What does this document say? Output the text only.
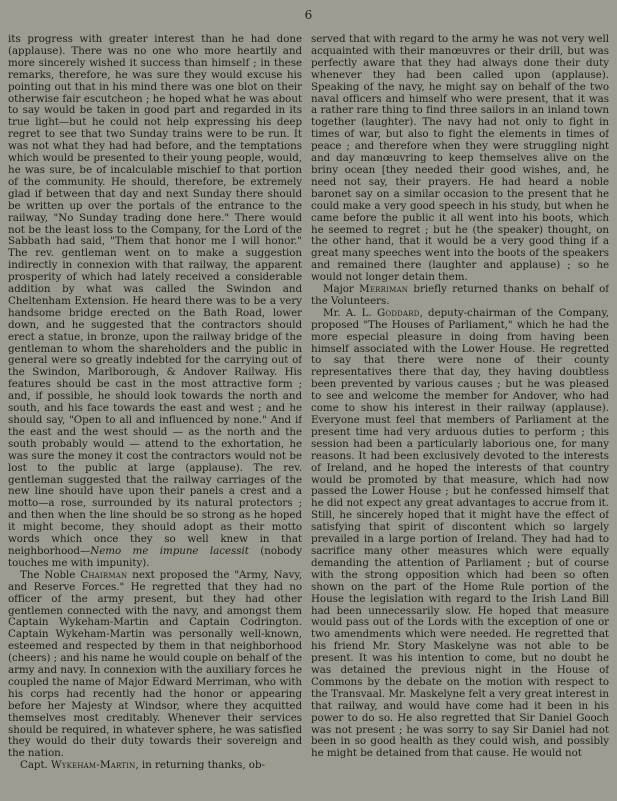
6

its progress with greater interest than he had done (applause). There was no one who more heartily and more sincerely wished it success than himself ; in these remarks, therefore, he was sure they would excuse his pointing out that in his mind there was one blot on their otherwise fair escutcheon ; he hoped what he was about to say would be taken in good part and regarded in its true light—but he could not help expressing his deep regret to see that two Sunday trains were to be run. It was not what they had had before, and the temptations which would be presented to their young people, would, he was sure, be of incalculable mischief to that portion of the community. He should, therefore, be extremely glad if between that day and next Sunday there should be written up over the portals of the entrance to the railway, "No Sunday trading done here." There would not be the least loss to the Company, for the Lord of the Sabbath had said, "Them that honor me I will honor." The rev. gentleman went on to make a suggestion indirectly in connexion with that railway, the apparent prosperity of which had lately received a considerable addition by what was called the Swindon and Cheltenham Extension. He heard there was to be a very handsome bridge erected on the Bath Road, lower down, and he suggested that the contractors should erect a statue, in bronze, upon the railway bridge of the gentleman to whom the shareholders and the public in general were so greatly indebted for the carrying out of the Swindon, Marlborough, & Andover Railway. His features should be cast in the most attractive form ; and, if possible, he should look towards the north and south, and his face towards the east and west ; and he should say, "Open to all and influenced by none." And if the east and the west should — as the north and the south probably would — attend to the exhortation, he was sure the money it cost the contractors would not be lost to the public at large (applause). The rev. gentleman suggested that the railway carriages of the new line should have upon their panels a crest and a motto—a rose, surrounded by its natural protectors ; and then when the line should be so strong as he hoped it might become, they should adopt as their motto words which once they so well knew in that neighborhood—Nemo me impune lacessit (nobody touches me with impunity).

The Noble Chairman next proposed the "Army, Navy, and Reserve Forces." He regretted that they had no officer of the army present, but they had other gentlemen connected with the navy, and amongst them Captain Wykeham-Martin and Captain Codrington. Captain Wykeham-Martin was personally well-known, esteemed and respected by them in that neighborhood (cheers) ; and his name he would couple on behalf of the army and navy. In connexion with the auxiliary forces he coupled the name of Major Edward Merriman, who with his corps had recently had the honor or appearing before her Majesty at Windsor, where they acquitted themselves most creditably. Whenever their services should be required, in whatever sphere, he was satisfied they would do their duty towards their sovereign and the nation.

Capt. Wykeham-Martin, in returning thanks, ob-

served that with regard to the army he was not very well acquainted with their manœuvres or their drill, but was perfectly aware that they had always done their duty whenever they had been called upon (applause). Speaking of the navy, he might say on behalf of the two naval officers and himself who were present, that it was a rather rare thing to find three sailors in an inland town together (laughter). The navy had not only to fight in times of war, but also to fight the elements in times of peace ; and therefore when they were struggling night and day manœuvring to keep themselves alive on the briny ocean [they needed their good wishes, and, he need not say, their prayers. He had heard a noble baronet say on a similar occasion to the present that he could make a very good speech in his study, but when he came before the public it all went into his boots, which he seemed to regret ; but he (the speaker) thought, on the other hand, that it would be a very good thing if a great many speeches went into the boots of the speakers and remained there (laughter and applause) ; so he would not longer detain them.

Major Merriman briefly returned thanks on behalf of the Volunteers.

Mr. A. L. Goddard, deputy-chairman of the Company, proposed "The Houses of Parliament," which he had the more especial pleasure in doing from having been himself associated with the Lower House. He regretted to say that there were none of their county representatives there that day, they having doubtless been prevented by various causes ; but he was pleased to see and welcome the member for Andover, who had come to show his interest in their railway (applause). Everyone must feel that members of Parliament at the present time had very arduous duties to perform ; this session had been a particularly laborious one, for many reasons. It had been exclusively devoted to the interests of Ireland, and he hoped the interests of that country would be promoted by that measure, which had now passed the Lower House ; but he confessed himself that he did not expect any great advantages to accrue from it. Still, he sincerely hoped that it might have the effect of satisfying that spirit of discontent which so largely prevailed in a large portion of Ireland. They had had to sacrifice many other measures which were equally demanding the attention of Parliament ; but of course with the strong opposition which had been so often shown on the part of the Home Rule portion of the House the legislation with regard to the Irish Land Bill had been unnecessarily slow. He hoped that measure would pass out of the Lords with the exception of one or two amendments which were needed. He regretted that his friend Mr. Story Maskelyne was not able to be present. It was his intention to come, but no doubt he was detained the previous night in the House of Commons by the debate on the motion with respect to the Transvaal. Mr. Maskelyne felt a very great interest in that railway, and would have come had it been in his power to do so. He also regretted that Sir Daniel Gooch was not present ; he was sorry to say Sir Daniel had not been in so good health as they could wish, and possibly he might be detained from that cause. He would not
